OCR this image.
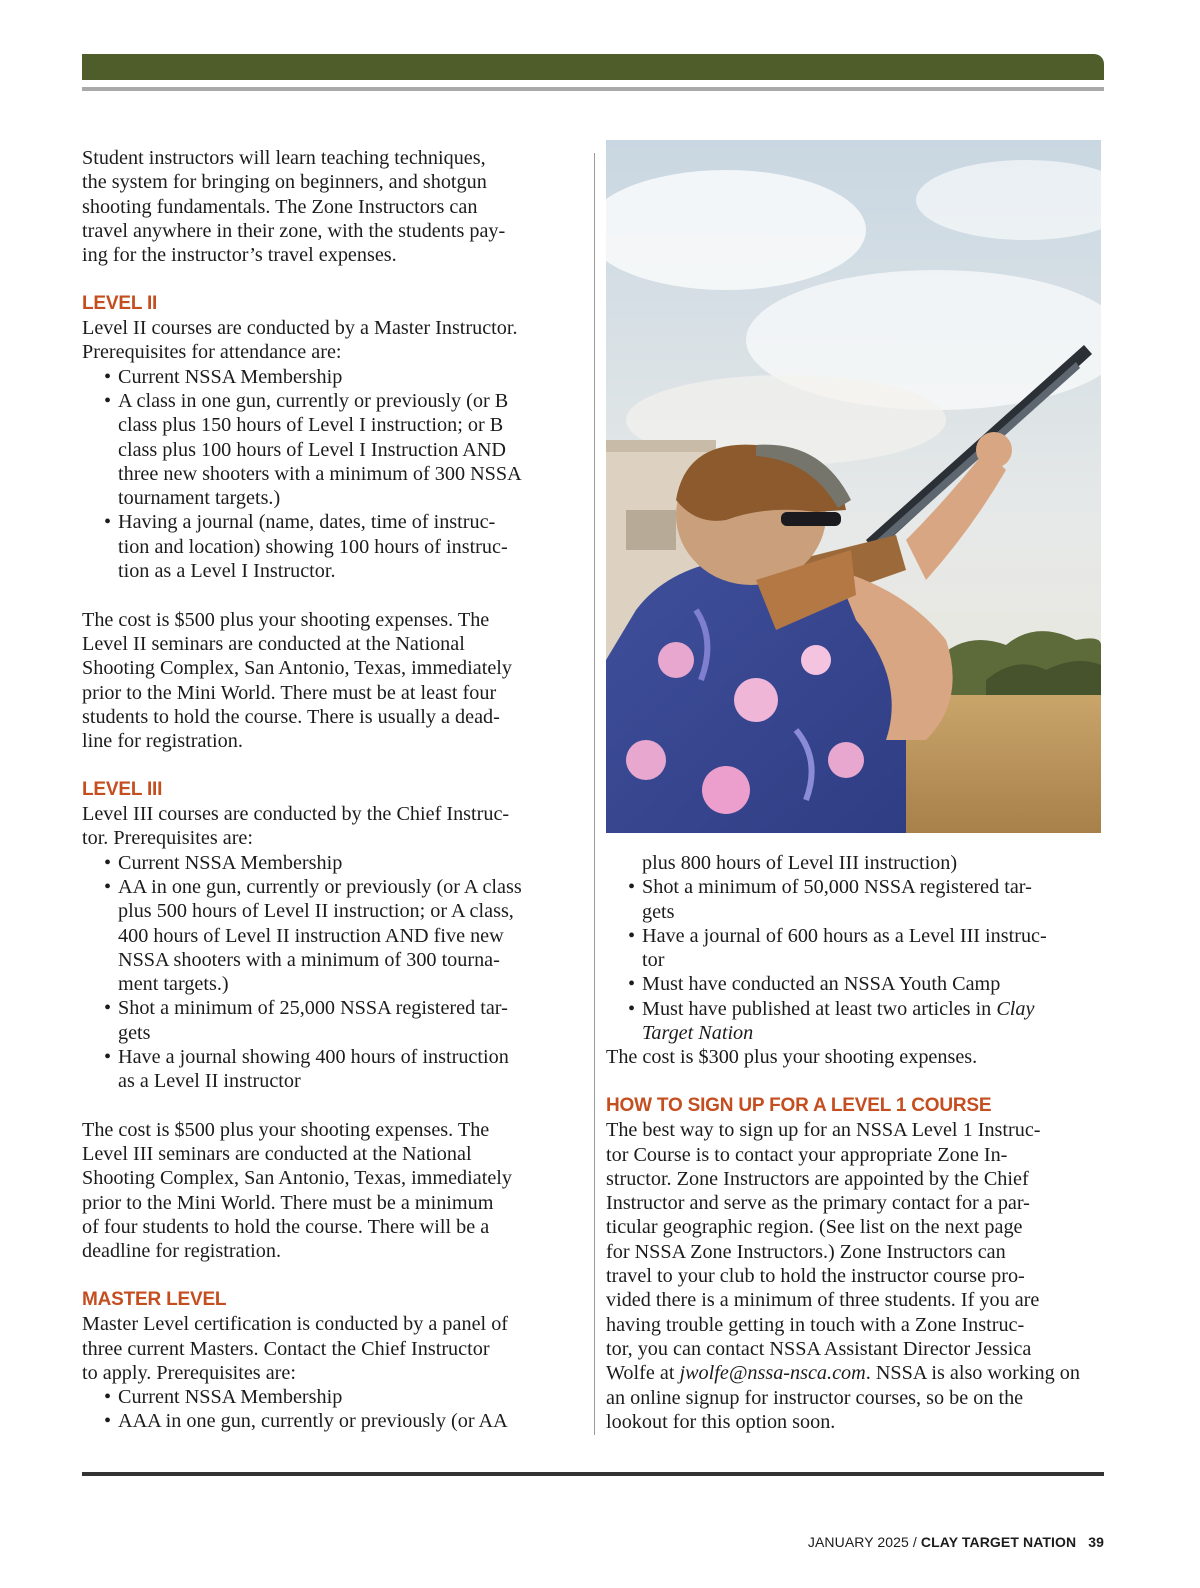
Student instructors will learn teaching techniques,

the system for bringing on beginners, and shotgun

shooting fundamentals. The Zone Instructors can

travel anywhere in their zone, with the students pay-

ing for the instructor’s travel expenses.

LEVEL II

Level II courses are conducted by a Master Instructor.

Prerequisites for attendance are:

• Current NSSA Membership

• A class in one gun, currently or previously (or B

class plus 150 hours of Level I instruction; or B

class plus 100 hours of Level I Instruction AND

three new shooters with a minimum of 300 NSSA

tournament targets.)

• Having a journal (name, dates, time of instruc-

tion and location) showing 100 hours of instruc-

tion as a Level I Instructor.

The cost is $500 plus your shooting expenses. The

Level II seminars are conducted at the National

Shooting Complex, San Antonio, Texas, immediately

prior to the Mini World. There must be at least four

students to hold the course. There is usually a dead-

line for registration.

LEVEL III

Level III courses are conducted by the Chief Instruc-

tor. Prerequisites are:

• Current NSSA Membership

• AA in one gun, currently or previously (or A class

plus 500 hours of Level II instruction; or A class,

400 hours of Level II instruction AND five new

NSSA shooters with a minimum of 300 tourna-

ment targets.)

• Shot a minimum of 25,000 NSSA registered tar-

gets

• Have a journal showing 400 hours of instruction

as a Level II instructor

The cost is $500 plus your shooting expenses. The

Level III seminars are conducted at the National

Shooting Complex, San Antonio, Texas, immediately

prior to the Mini World. There must be a minimum

of four students to hold the course. There will be a

deadline for registration.

MASTER LEVEL

Master Level certification is conducted by a panel of

three current Masters. Contact the Chief Instructor

to apply. Prerequisites are:

• Current NSSA Membership

• AAA in one gun, currently or previously (or AA

plus 800 hours of Level III instruction)

• Shot a minimum of 50,000 NSSA registered tar-

gets

• Have a journal of 600 hours as a Level III instruc-

tor

• Must have conducted an NSSA Youth Camp

• Must have published at least two articles in Clay

Target Nation

The cost is $300 plus your shooting expenses.

HOW TO SIGN UP FOR A LEVEL 1 COURSE

The best way to sign up for an NSSA Level 1 Instruc-

tor Course is to contact your appropriate Zone In-

structor. Zone Instructors are appointed by the Chief

Instructor and serve as the primary contact for a par-

ticular geographic region. (See list on the next page

for NSSA Zone Instructors.) Zone Instructors can

travel to your club to hold the instructor course pro-

vided there is a minimum of three students. If you are

having trouble getting in touch with a Zone Instruc-

tor, you can contact NSSA Assistant Director Jessica

Wolfe at jwolfe@nssa-nsca.com. NSSA is also working on

an online signup for instructor courses, so be on the

lookout for this option soon.

JANUARY 2025 / CLAY TARGET NATION 39
